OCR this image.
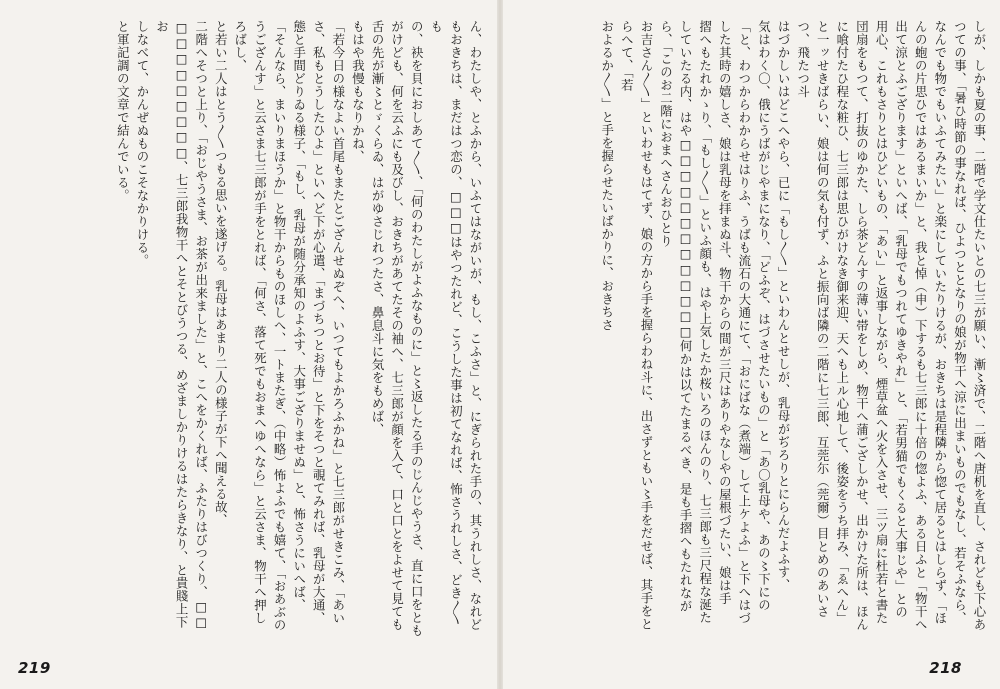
ん、わたしや、とふから、いふてはながいが、もし、こふさ」と、にぎられた手の、其うれしさ、なれど
もおきちは、まだはつ恋の、□□□はやつたれど、こうした事は初てなれば、怖さうれしさ、どき〳〵も
の、袂を貝におしあて〳〵、「何のわたしがよふなものに」と〻返したる手のじんじやうさ、直に口をとも
がけども、何を云ふにも及びし、おきちがあてたその袖へ、七三郎が顔を入て、口と口とをよせて見ても
舌の先が漸〻とゞくらゐ、はがゆさじれつたさ、鼻息斗に気をもめば、
もはや我慢もなりかね、
「若今日の様なよい首尾もまたとござんせぬぞへ、いつてもよかろふかね」と七三郎がせきこみ、「あい
さ、私もとうしたひよ」といへど下が心遣、「まづちつとお待」と下をそつと覗てみれば、乳母が大通、
態と手間どりゐる様子、「もし、乳母が随分承知のよふす、大事ござりませぬ」と、怖さうにいへば、
「そんなら、まいりまほうか」と物干からものほしへ、一トまたぎ、（中略）怖よふでも嬉て、「おあぶの
うござんす」と云さま七三郎が手をとれば、「何さ、落て死でもおまへゆへなら」と云さま、物干へ押し
ろばし、
と若い二人はとう〳〵つもる思いを遂げる。乳母はあまり二人の様子が下へ聞える故、
二階へそつと上り、「おじやうさま、お茶が出来ました」と、こへをかくれば、ふたりはびつくり、□□
□□□□□□□□□、七三郎我物干へとそとびうつる、めざましかりけるはたらきなり、と貴賤上下お
しなべて、かんぜぬものこそなかりける。
と軍記調の文章で結んでいる。
219
しが、しかも夏の事、二階で学文仕たいとの七三が願い、漸〻済で、二階へ唐机を直し、されども下心あ
つての事、「暑ひ時節の事なれば、ひよつととなりの娘が物干へ涼に出まいものでもなし、若そふなら、
なんでも物でもいふてみたい」と楽にしていたりけるが、おきちは是程隣から惚て居るとはしらず、「ほ
んの蚫の片思ひではあるまいか」と、我と悼（申）下するも七三郎に十倍の惚よふ、ある日ふと「物干へ
出て涼とふござります」といへば、「乳母でもつれてゆきやれ」と、「若男猫でもくると大事じや」との
用心、これもさりとはひどいもの、「あい」と返事しながら、煙草盆へ火を入させ、三ツ扇に杜若と書た
団扇をもつて、打抜のゆかた、しら茶どんすの薄い帯をしめ、物干へ蒲ござしかせ、出かけた所は、ほん
に喰付たひ程な粧ひ、七三郎は思ひがけなき御来迎、天へも上ル心地して、後姿をうち拝み、「ゑへん」
と一ッせきばらい、娘は何の気も付ず、ふと振向ば隣の二階に七三郎、互莞尓（莞爾）目とめのあいさつ、飛たつ斗
はづかしいはどこへやら、已に「もし〳〵」といわんとせしが、乳母がぢろりとにらんだよふす、
気はわく〇、俄にうばがじやまになり、「どふぞ、はづさせたいもの」と「あ〇乳母や、あの〻下にの
「と、わつからわからせはりふ、うばも流石の大通にて、「おにばな（煮端）して上ケよふ」と下へはづ
した其時の嬉しさ、娘は乳母を拝まぬ斗、物干からの間が三尺はありやなしやの屋根づたい、娘は手
摺へもたれかゝり、「もし〳〵」といふ顔も、はや上気したか桜いろのほんのり、七三郎も三尺程な涎た
していたる内、はや□□□□□□□□□□□□□何かは以てたまるべき、是も手摺へもたれながら、「このお二階におまへさんおひとり
お吉さん〳〵」といわせもはてず、娘の方から手を握らわね斗に、出さずともい〻手をだせば、其手をとらへて、「若
およるか〳〵」と手を握らせたいばかりに、おきちさ
218
